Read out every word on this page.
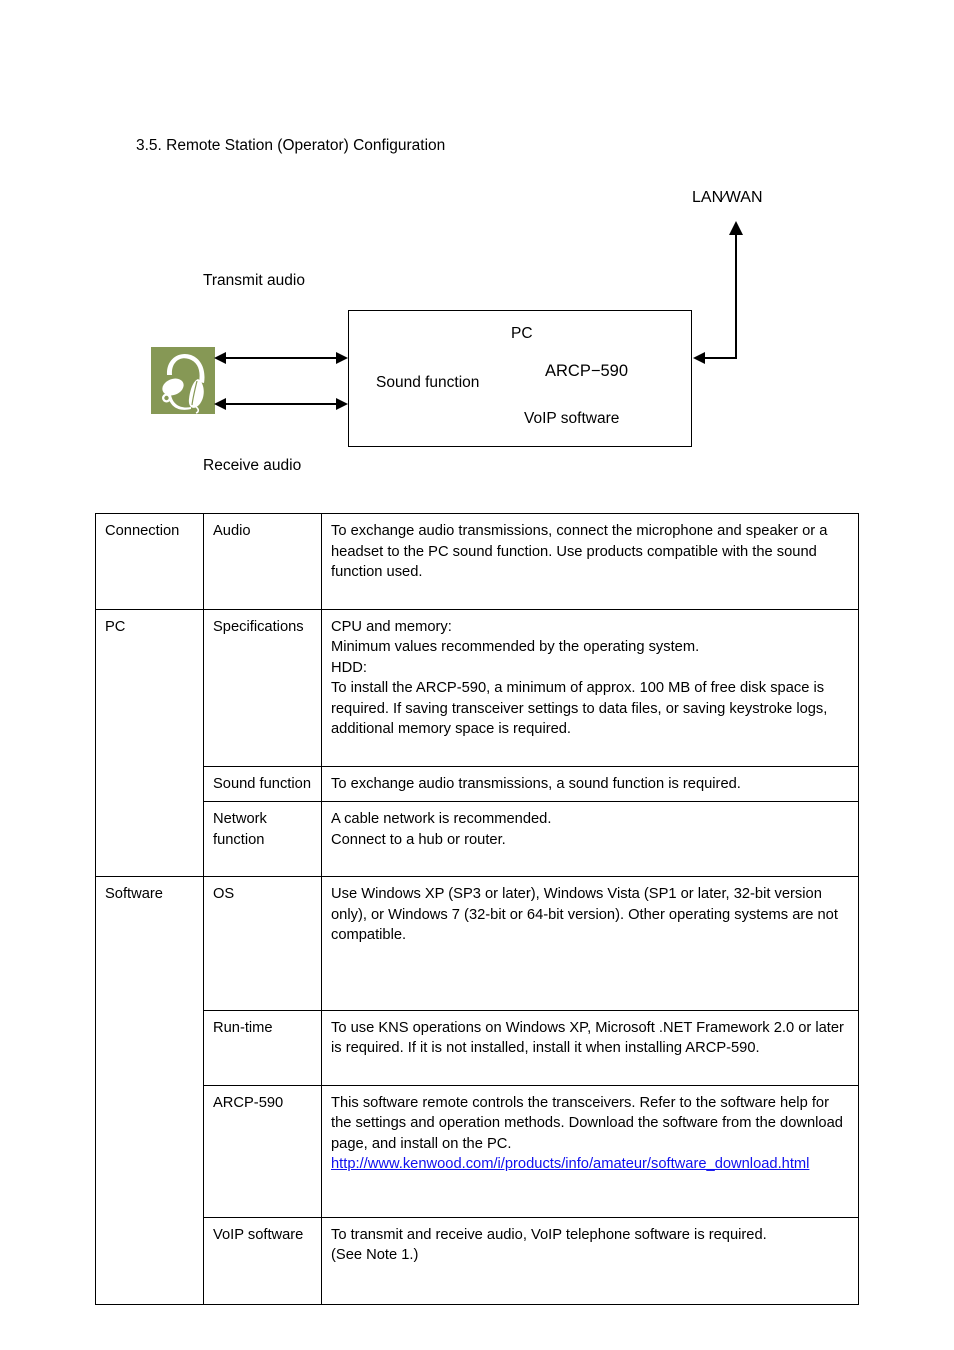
3.5. Remote Station (Operator) Configuration
LAN∕WAN
Transmit audio
Receive audio
PC
Sound function
ARCP−590
VoIP software
Connection	Audio	To exchange audio transmissions, connect the microphone and speaker or a headset to the PC sound function. Use products compatible with the sound function used.
PC	Specifications	CPU and memory:

Minimum values recommended by the operating system.

HDD:

To install the ARCP-590, a minimum of approx. 100 MB of free disk space is required. If saving transceiver settings to data files, or saving keystroke logs, additional memory space is required.

	Sound function	To exchange audio transmissions, a sound function is required.
	Network function	A cable network is recommended.

Connect to a hub or router.

Software	OS	Use Windows XP (SP3 or later), Windows Vista (SP1 or later, 32-bit version only), or Windows 7 (32-bit or 64-bit version). Other operating systems are not compatible.
	Run-time	To use KNS operations on Windows XP, Microsoft .NET Framework 2.0 or later is required. If it is not installed, install it when installing ARCP-590.
	ARCP-590	This software remote controls the transceivers. Refer to the software help for the settings and operation methods. Download the software from the download page, and install on the PC.

http://www.kenwood.com/i/products/info/amateur/software_download.html

	VoIP software	To transmit and receive audio, VoIP telephone software is required.

(See Note 1.)
